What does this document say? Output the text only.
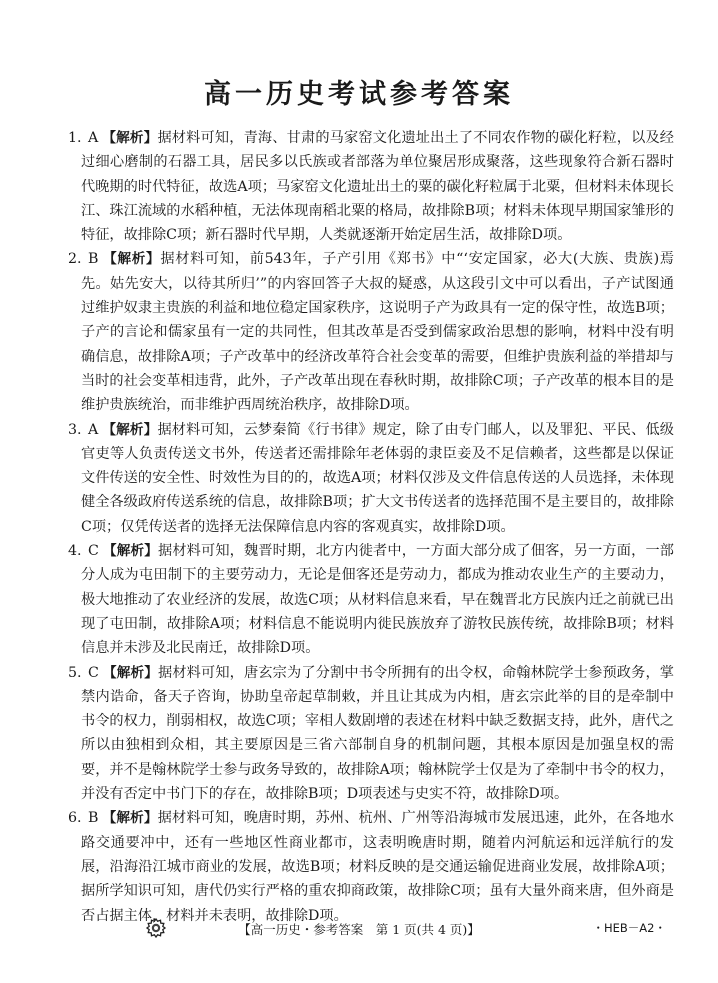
高一历史考试参考答案
1. A 【解析】据材料可知，青海、甘肃的马家窑文化遗址出土了不同农作物的碳化籽粒，以及经过细心磨制的石器工具，居民多以氏族或者部落为单位聚居形成聚落，这些现象符合新石器时代晚期的时代特征，故选A项；马家窑文化遗址出土的粟的碳化籽粒属于北粟，但材料未体现长江、珠江流域的水稻种植，无法体现南稻北粟的格局，故排除B项；材料未体现早期国家雏形的特征，故排除C项；新石器时代早期，人类就逐渐开始定居生活，故排除D项。
2. B 【解析】据材料可知，前543年，子产引用《郑书》中“‘安定国家，必大(大族、贵族)焉先。姑先安大，以待其所归’”的内容回答子大叔的疑惑，从这段引文中可以看出，子产试图通过维护奴隶主贵族的利益和地位稳定国家秩序，这说明子产为政具有一定的保守性，故选B项；子产的言论和儒家虽有一定的共同性，但其改革是否受到儒家政治思想的影响，材料中没有明确信息，故排除A项；子产改革中的经济改革符合社会变革的需要，但维护贵族利益的举措却与当时的社会变革相违背，此外，子产改革出现在春秋时期，故排除C项；子产改革的根本目的是维护贵族统治，而非维护西周统治秩序，故排除D项。
3. A 【解析】据材料可知，云梦秦简《行书律》规定，除了由专门邮人，以及罪犯、平民、低级官吏等人负责传送文书外，传送者还需排除年老体弱的隶臣妾及不足信赖者，这些都是以保证文件传送的安全性、时效性为目的的，故选A项；材料仅涉及文件信息传送的人员选择，未体现健全各级政府传送系统的信息，故排除B项；扩大文书传送者的选择范围不是主要目的，故排除C项；仅凭传送者的选择无法保障信息内容的客观真实，故排除D项。
4. C 【解析】据材料可知，魏晋时期，北方内徙者中，一方面大部分成了佃客，另一方面，一部分人成为屯田制下的主要劳动力，无论是佃客还是劳动力，都成为推动农业生产的主要动力，极大地推动了农业经济的发展，故选C项；从材料信息来看，早在魏晋北方民族内迁之前就已出现了屯田制，故排除A项；材料信息不能说明内徙民族放弃了游牧民族传统，故排除B项；材料信息并未涉及北民南迁，故排除D项。
5. C 【解析】据材料可知，唐玄宗为了分割中书令所拥有的出令权，命翰林院学士参预政务，掌禁内诰命，备天子咨询，协助皇帝起草制敕，并且让其成为内相，唐玄宗此举的目的是牵制中书令的权力，削弱相权，故选C项；宰相人数剧增的表述在材料中缺乏数据支持，此外，唐代之所以由独相到众相，其主要原因是三省六部制自身的机制问题，其根本原因是加强皇权的需要，并不是翰林院学士参与政务导致的，故排除A项；翰林院学士仅是为了牵制中书令的权力，并没有否定中书门下的存在，故排除B项；D项表述与史实不符，故排除D项。
6. B 【解析】据材料可知，晚唐时期，苏州、杭州、广州等沿海城市发展迅速，此外，在各地水路交通要冲中，还有一些地区性商业都市，这表明晚唐时期，随着内河航运和远洋航行的发展，沿海沿江城市商业的发展，故选B项；材料反映的是交通运输促进商业发展，故排除A项；据所学知识可知，唐代仍实行严格的重农抑商政策，故排除C项；虽有大量外商来唐，但外商是否占据主体，材料并未表明，故排除D项。
【高一历史・参考答案　第 1 页(共 4 页)】	・HEB－A2・
